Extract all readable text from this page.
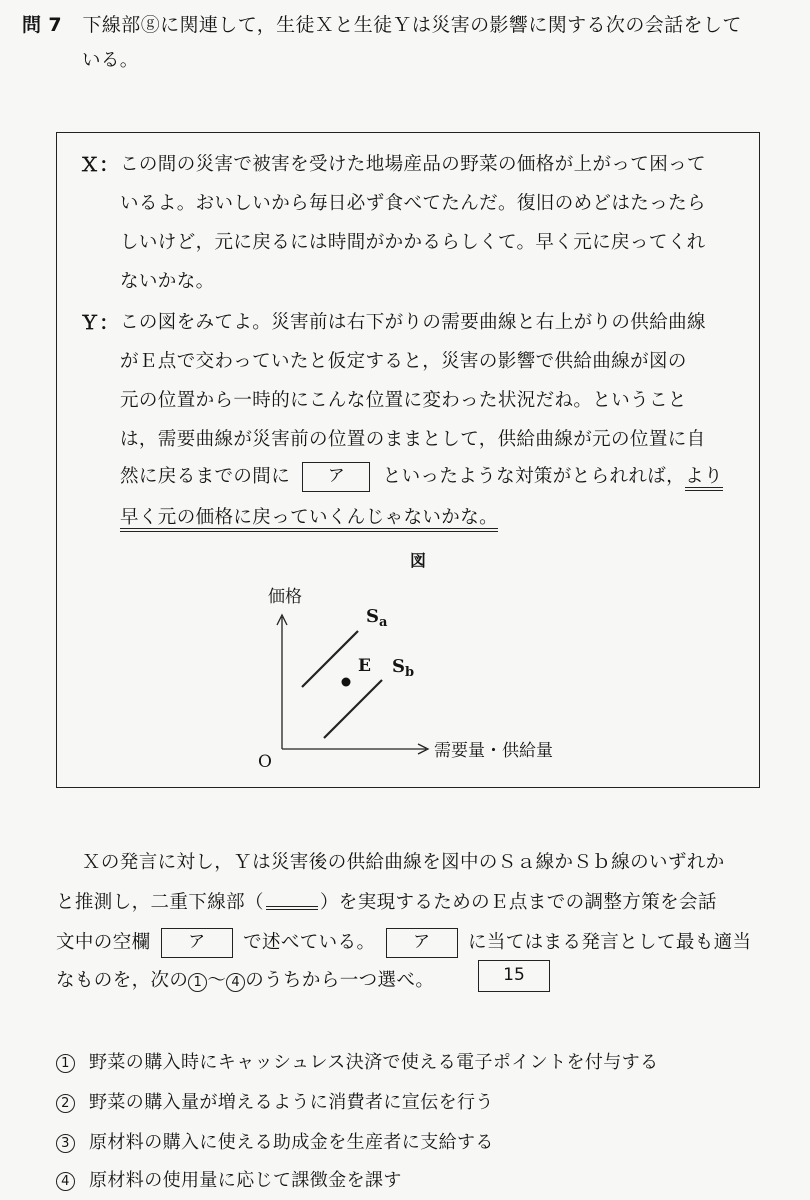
問 7 下線部ⓖに関連して，生徒Ｘと生徒Ｙは災害の影響に関する次の会話をして
いる。
Ｘ： この間の災害で被害を受けた地場産品の野菜の価格が上がって困って
いるよ。おいしいから毎日必ず食べてたんだ。復旧のめどはたったら
しいけど，元に戻るには時間がかかるらしくて。早く元に戻ってくれ
ないかな。
Ｙ： この図をみてよ。災害前は右下がりの需要曲線と右上がりの供給曲線
がＥ点で交わっていたと仮定すると，災害の影響で供給曲線が図の
元の位置から一時的にこんな位置に変わった状況だね。ということ
は，需要曲線が災害前の位置のままとして，供給曲線が元の位置に自
然に戻るまでの間に ア といったような対策がとられれば，より
早く元の価格に戻っていくんじゃないかな。
図
価格
需要量・供給量
O
E
$S_a$
$S_b$
Ｘの発言に対し，Ｙは災害後の供給曲線を図中のＳａ線かＳｂ線のいずれか
と推測し，二重下線部（	）を実現するためのＥ点までの調整方策を会話
文中の空欄 ア で述べている。 ア に当てはまる発言として最も適当
なものを，次の 1 ～ 4 のうちから一つ選べ。	15
1 野菜の購入時にキャッシュレス決済で使える電子ポイントを付与する
2 野菜の購入量が増えるように消費者に宣伝を行う
3 原材料の購入に使える助成金を生産者に支給する
4 原材料の使用量に応じて課徴金を課す
